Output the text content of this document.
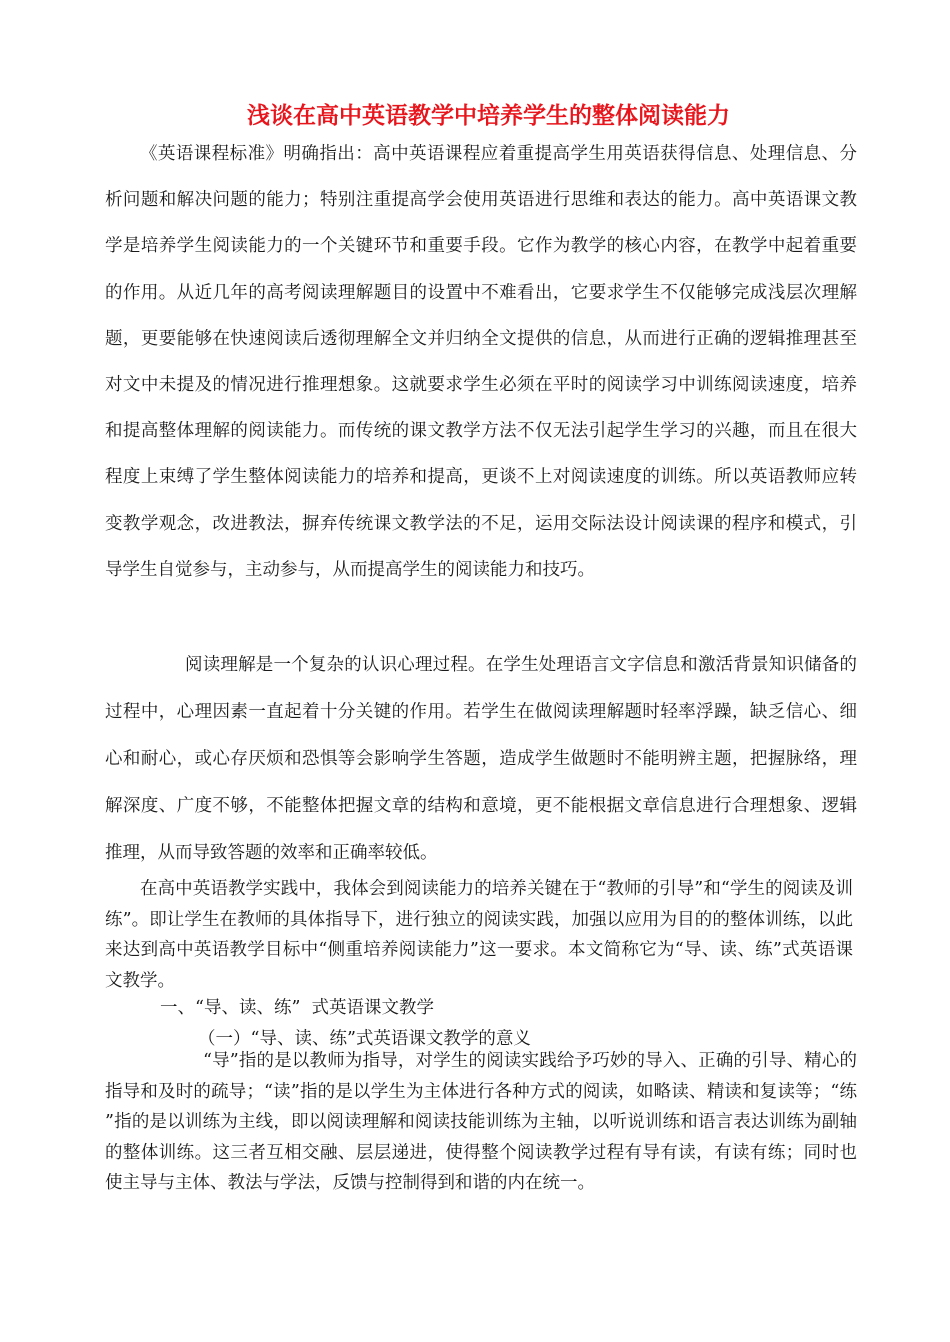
浅谈在高中英语教学中培养学生的整体阅读能力

《英语课程标准》明确指出：高中英语课程应着重提高学生用英语获得信息、处理信息、分析问题和解决问题的能力；特别注重提高学会使用英语进行思维和表达的能力。高中英语课文教学是培养学生阅读能力的一个关键环节和重要手段。它作为教学的核心内容，在教学中起着重要的作用。从近几年的高考阅读理解题目的设置中不难看出，它要求学生不仅能够完成浅层次理解题，更要能够在快速阅读后透彻理解全文并归纳全文提供的信息，从而进行正确的逻辑推理甚至对文中未提及的情况进行推理想象。这就要求学生必须在平时的阅读学习中训练阅读速度，培养和提高整体理解的阅读能力。而传统的课文教学方法不仅无法引起学生学习的兴趣，而且在很大程度上束缚了学生整体阅读能力的培养和提高，更谈不上对阅读速度的训练。所以英语教师应转变教学观念，改进教法，摒弃传统课文教学法的不足，运用交际法设计阅读课的程序和模式，引导学生自觉参与，主动参与，从而提高学生的阅读能力和技巧。

阅读理解是一个复杂的认识心理过程。在学生处理语言文字信息和激活背景知识储备的过程中，心理因素一直起着十分关键的作用。若学生在做阅读理解题时轻率浮躁，缺乏信心、细心和耐心，或心存厌烦和恐惧等会影响学生答题，造成学生做题时不能明辨主题，把握脉络，理解深度、广度不够，不能整体把握文章的结构和意境，更不能根据文章信息进行合理想象、逻辑推理，从而导致答题的效率和正确率较低。

在高中英语教学实践中，我体会到阅读能力的培养关键在于“教师的引导”和“学生的阅读及训练”。即让学生在教师的具体指导下，进行独立的阅读实践，加强以应用为目的的整体训练，以此来达到高中英语教学目标中“侧重培养阅读能力”这一要求。本文简称它为“导、读、练”式英语课文教学。

一、“导、读、练”  式英语课文教学
（一）“导、读、练”式英语课文教学的意义

“导”指的是以教师为指导，对学生的阅读实践给予巧妙的导入、正确的引导、精心的指导和及时的疏导；“读”指的是以学生为主体进行各种方式的阅读，如略读、精读和复读等；“练”指的是以训练为主线，即以阅读理解和阅读技能训练为主轴，以听说训练和语言表达训练为副轴的整体训练。这三者互相交融、层层递进，使得整个阅读教学过程有导有读，有读有练；同时也使主导与主体、教法与学法，反馈与控制得到和谐的内在统一。
